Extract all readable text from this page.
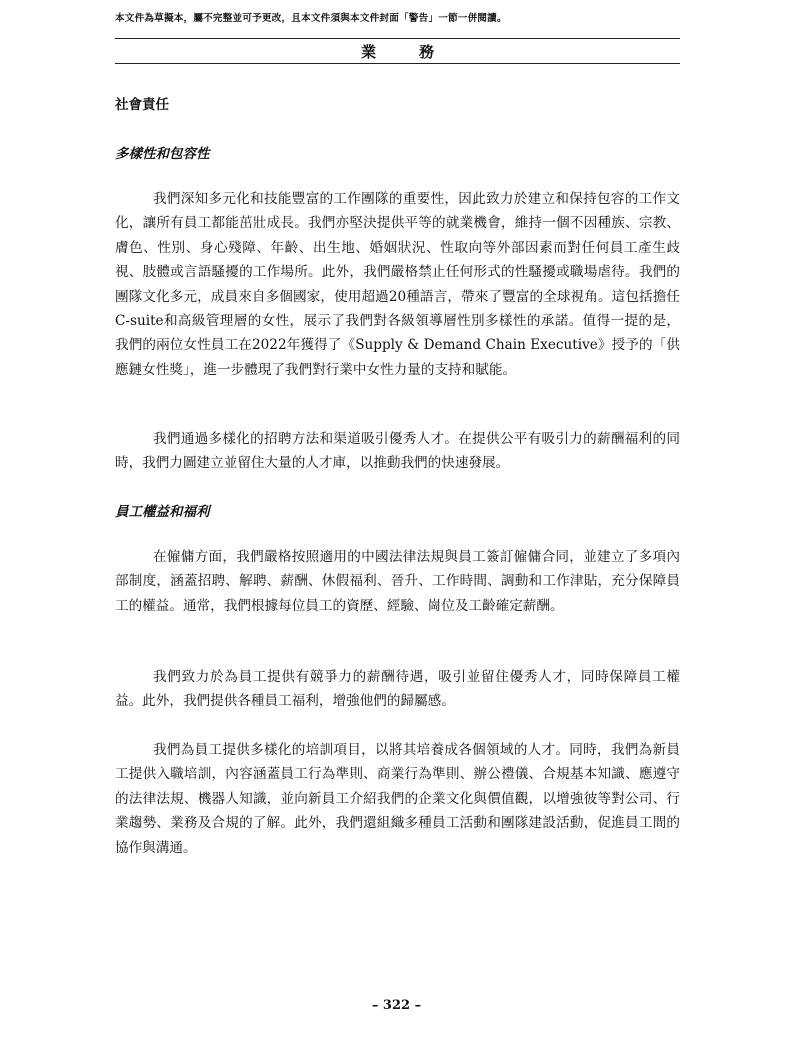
本文件為草擬本，屬不完整並可予更改，且本文件須與本文件封面「警告」一節一併閱讀。
業　務
社會責任
多樣性和包容性
我們深知多元化和技能豐富的工作團隊的重要性，因此致力於建立和保持包容的工作文化，讓所有員工都能茁壯成長。我們亦堅決提供平等的就業機會，維持一個不因種族、宗教、膚色、性別、身心殘障、年齡、出生地、婚姻狀況、性取向等外部因素而對任何員工產生歧視、肢體或言語騷擾的工作場所。此外，我們嚴格禁止任何形式的性騷擾或職場虐待。我們的團隊文化多元，成員來自多個國家，使用超過20種語言，帶來了豐富的全球視角。這包括擔任C-suite和高級管理層的女性，展示了我們對各級領導層性別多樣性的承諾。值得一提的是，我們的兩位女性員工在2022年獲得了《Supply & Demand Chain Executive》授予的「供應鏈女性獎」，進一步體現了我們對行業中女性力量的支持和賦能。
我們通過多樣化的招聘方法和渠道吸引優秀人才。在提供公平有吸引力的薪酬福利的同時，我們力圖建立並留住大量的人才庫，以推動我們的快速發展。
員工權益和福利
在僱傭方面，我們嚴格按照適用的中國法律法規與員工簽訂僱傭合同，並建立了多項內部制度，涵蓋招聘、解聘、薪酬、休假福利、晉升、工作時間、調動和工作津貼，充分保障員工的權益。通常，我們根據每位員工的資歷、經驗、崗位及工齡確定薪酬。
我們致力於為員工提供有競爭力的薪酬待遇，吸引並留住優秀人才，同時保障員工權益。此外，我們提供各種員工福利，增強他們的歸屬感。
我們為員工提供多樣化的培訓項目，以將其培養成各個領域的人才。同時，我們為新員工提供入職培訓，內容涵蓋員工行為準則、商業行為準則、辦公禮儀、合規基本知識、應遵守的法律法規、機器人知識，並向新員工介紹我們的企業文化與價值觀，以增強彼等對公司、行業趨勢、業務及合規的了解。此外，我們還組織多種員工活動和團隊建設活動，促進員工間的協作與溝通。
– 322 –
